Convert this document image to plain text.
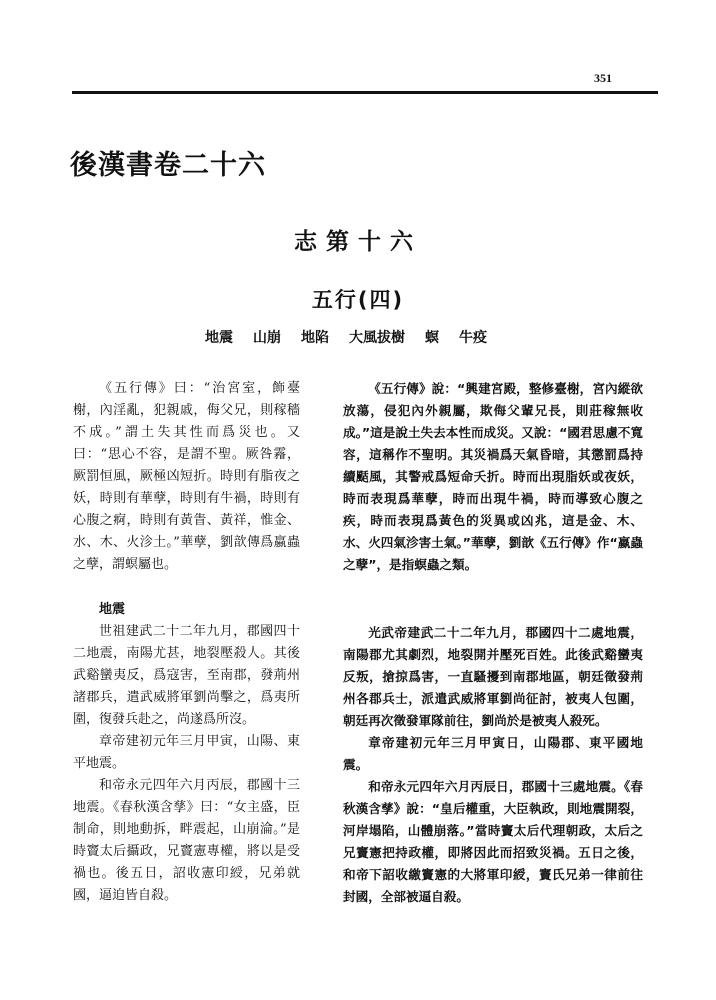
351
後漢書卷二十六
志第十六
五行(四)
地震 山崩 地陷 大風拔樹 螟 牛疫

《五行傳》曰：“治宮室，飾臺榭，內淫亂，犯親戚，侮父兄，則稼穡不成。”謂土失其性而爲災也。又曰：“思心不容，是謂不聖。厥咎霿，厥罰恒風，厥極凶短折。時則有脂夜之妖，時則有華孽，時則有牛禍，時則有心腹之痾，時則有黃眚、黃祥，惟金、水、木、火沴土。”華孽，劉歆傳爲蠃蟲之孽，謂螟屬也。

地震

世祖建武二十二年九月，郡國四十二地震，南陽尤甚，地裂壓殺人。其後武谿蠻夷反，爲寇害，至南郡，發荊州諸郡兵，遣武威將軍劉尚擊之，爲夷所圍，復發兵赴之，尚遂爲所沒。

章帝建初元年三月甲寅，山陽、東平地震。

和帝永元四年六月丙辰，郡國十三地震。《春秋漢含孳》曰：“女主盛，臣制命，則地動拆，畔震起，山崩淪。”是時竇太后攝政，兄竇憲專權，將以是受禍也。後五日，詔收憲印綬，兄弟就國，逼迫皆自殺。

《五行傳》說：“興建宮殿，整修臺榭，宮內縱欲放蕩，侵犯內外親屬，欺侮父輩兄長，則莊稼無收成。”這是說土失去本性而成災。又說：“國君思慮不寬容，這稱作不聖明。其災禍爲天氣昏暗，其懲罰爲持續颳風，其警戒爲短命夭折。時而出現脂妖或夜妖，時而表現爲華孽，時而出現牛禍，時而導致心腹之疾，時而表現爲黃色的災異或凶兆，這是金、木、水、火四氣沴害土氣。”華孽，劉歆《五行傳》作“蠃蟲之孽”，是指螟蟲之類。

光武帝建武二十二年九月，郡國四十二處地震，南陽郡尤其劇烈，地裂開并壓死百姓。此後武谿蠻夷反叛，搶掠爲害，一直騷擾到南郡地區，朝廷徵發荊州各郡兵士，派遣武威將軍劉尚征討，被夷人包圍，朝廷再次徵發軍隊前往，劉尚於是被夷人殺死。

章帝建初元年三月甲寅日，山陽郡、東平國地震。

和帝永元四年六月丙辰日，郡國十三處地震。《春秋漢含孳》說：“皇后權重，大臣執政，則地震開裂，河岸塌陷，山體崩落。”當時竇太后代理朝政，太后之兄竇憲把持政權，即將因此而招致災禍。五日之後，和帝下詔收繳竇憲的大將軍印綬，竇氏兄弟一律前往封國，全部被逼自殺。
